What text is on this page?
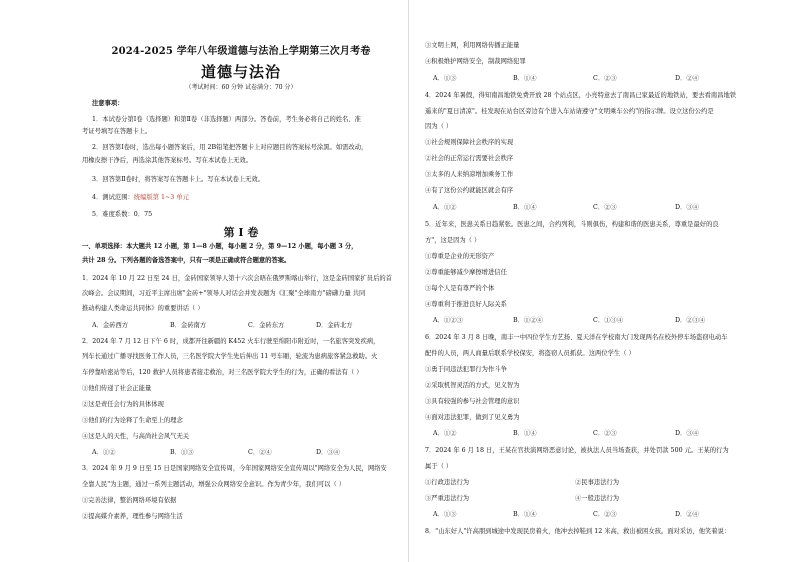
2024-2025 学年八年级道德与法治上学期第三次月考卷
道德与法治
（考试时间：60 分钟 试卷满分：70 分）
注意事项：
1．本试卷分第Ⅰ卷（选择题）和第Ⅱ卷（非选择题）两部分。答卷前，考生务必将自己的姓名、准
考证号填写在答题卡上。
2．回答第Ⅰ卷时，选出每小题答案后，用 2B铅笔把答题卡上对应题目的答案标号涂黑。如需改动，
用橡皮擦干净后，再选涂其他答案标号。写在本试卷上无效。
3．回答第Ⅱ卷时，将答案写在答题卡上。写在本试卷上无效。
4．测试范围：统编版第 1~3 单元
5．难度系数：0．75
第 Ⅰ 卷
一、单项选择：本大题共 12 小题，第 1—8 小题，每小题 2 分，第 9—12 小题，每小题 3 分，
共计 28 分。下列各题的备选答案中，只有一项是正确或符合题意的答案。
1．2024 年 10 月 22 日至 24 日，金砖国家领导人第十六次会晤在俄罗斯喀山举行，这是金砖国家扩员后的首
次峰会。会议期间，习近平主席出席"金砖+"领导人对话会并发表题为《汇聚"全球南方"磅礴力量 共同
推动构建人类命运共同体》的重要讲话（ ）
A．金砖西方	B．金砖南方	C．金砖东方	D．金砖北方
2．2024 年 7 月 12 日下午 6 时，成都开往新疆的 K452 火车行驶至绵阳市附近时，一名旅客突发疾病，
列车长通过广播寻找医务工作人员，三名医学院大学生先后伸出 11 号车厢，轮流为患病旅客紧急救助。火
车停靠哈密站等后，120 救护人员将患者接走救治，对三名医学院大学生的行为，正确的看法有（ ）
①他们传递了社会正能量
②这是责任会行为的具体体现
③他们的行为诠释了生命至上的理念
④这是人的天性，与高尚社会风气无关
A．①②	B．①③	C．②④	D．③④
3．2024 年 9 月 9 日至 15 日是国家网络安全宣传周，今年国家网络安全宣传周以"网络安全为人民，网络安
全靠人民"为主题，通过一系列主题活动，增强公众网络安全意识。作为青少年，我们可以（ ）
①完善法律，整治网络环境有依据
②提高媒介素养，理性参与网络生活
③文明上网，利用网络传播正能量
④积极维护网络安全，制裁网络犯罪
A．①③	B．①④	C．②③	D．②④
4．2024 年暑假，得知南昌地铁免费开放 28 个站点区，小亮特意去了南昌已家最近的地铁站，要去看南昌地铁
遥来的"夏日清凉"。桂发现在站台区旁边有个进入车站请遵守"文明乘车公约"的指示牌。设立这份公约是
因为（ ）
①社会规则保障社会秩序的实现
②社会的正常运行需要社会秩序
③太多的人来纳凉增加乘务工作
④有了这份公约就能区就会有序
A．①②	B．①④	C．②③	D．③④
5．近年来，医患关系日趋紧张。医患之间，合约列利，斗则俱伤，构建和谐的医患关系，尊重是最好的良
方"，这是因为（ ）
①尊重是企业的无形资产
②尊重能够减少摩擦增进信任
③每个人是有尊严的个体
④尊重利于推进良好人际关系
A．①②③	B．①②④	C．①③④	D．②③④
6．2024 年 3 月 8 日晚，南丰一中四位学生方艺扬、夏天洋在学校南大门发现两名在校外停车场盗窃电动车
配件的人员，两人商量后联系学校保安，将盗窃人员抓获。这两位学生（ ）
①勇于同违法犯罪行为作斗争
②采取机智灵活的方式，见义智为
③具有较强的参与社会管理的意识
④面对违法犯罪，做到了见义勇为
A．①②	B．①④	C．②③	D．③④
7．2024 年 6 月 18 日，王某在官扶演网络恶意讨论，被执法人员当场查获，并处罚款 500 元。王某的行为
属于（ ）
①行政违法行为	②民事违法行为
③严重违法行为	④一般违法行为
A．①③	B．①④	C．②③	D．②④
8．"山东好人"许高朋到城途中发现民房着火，他冲去掉鞋到 12 米高，救出被困女孩。面对采访，他笑着说：
